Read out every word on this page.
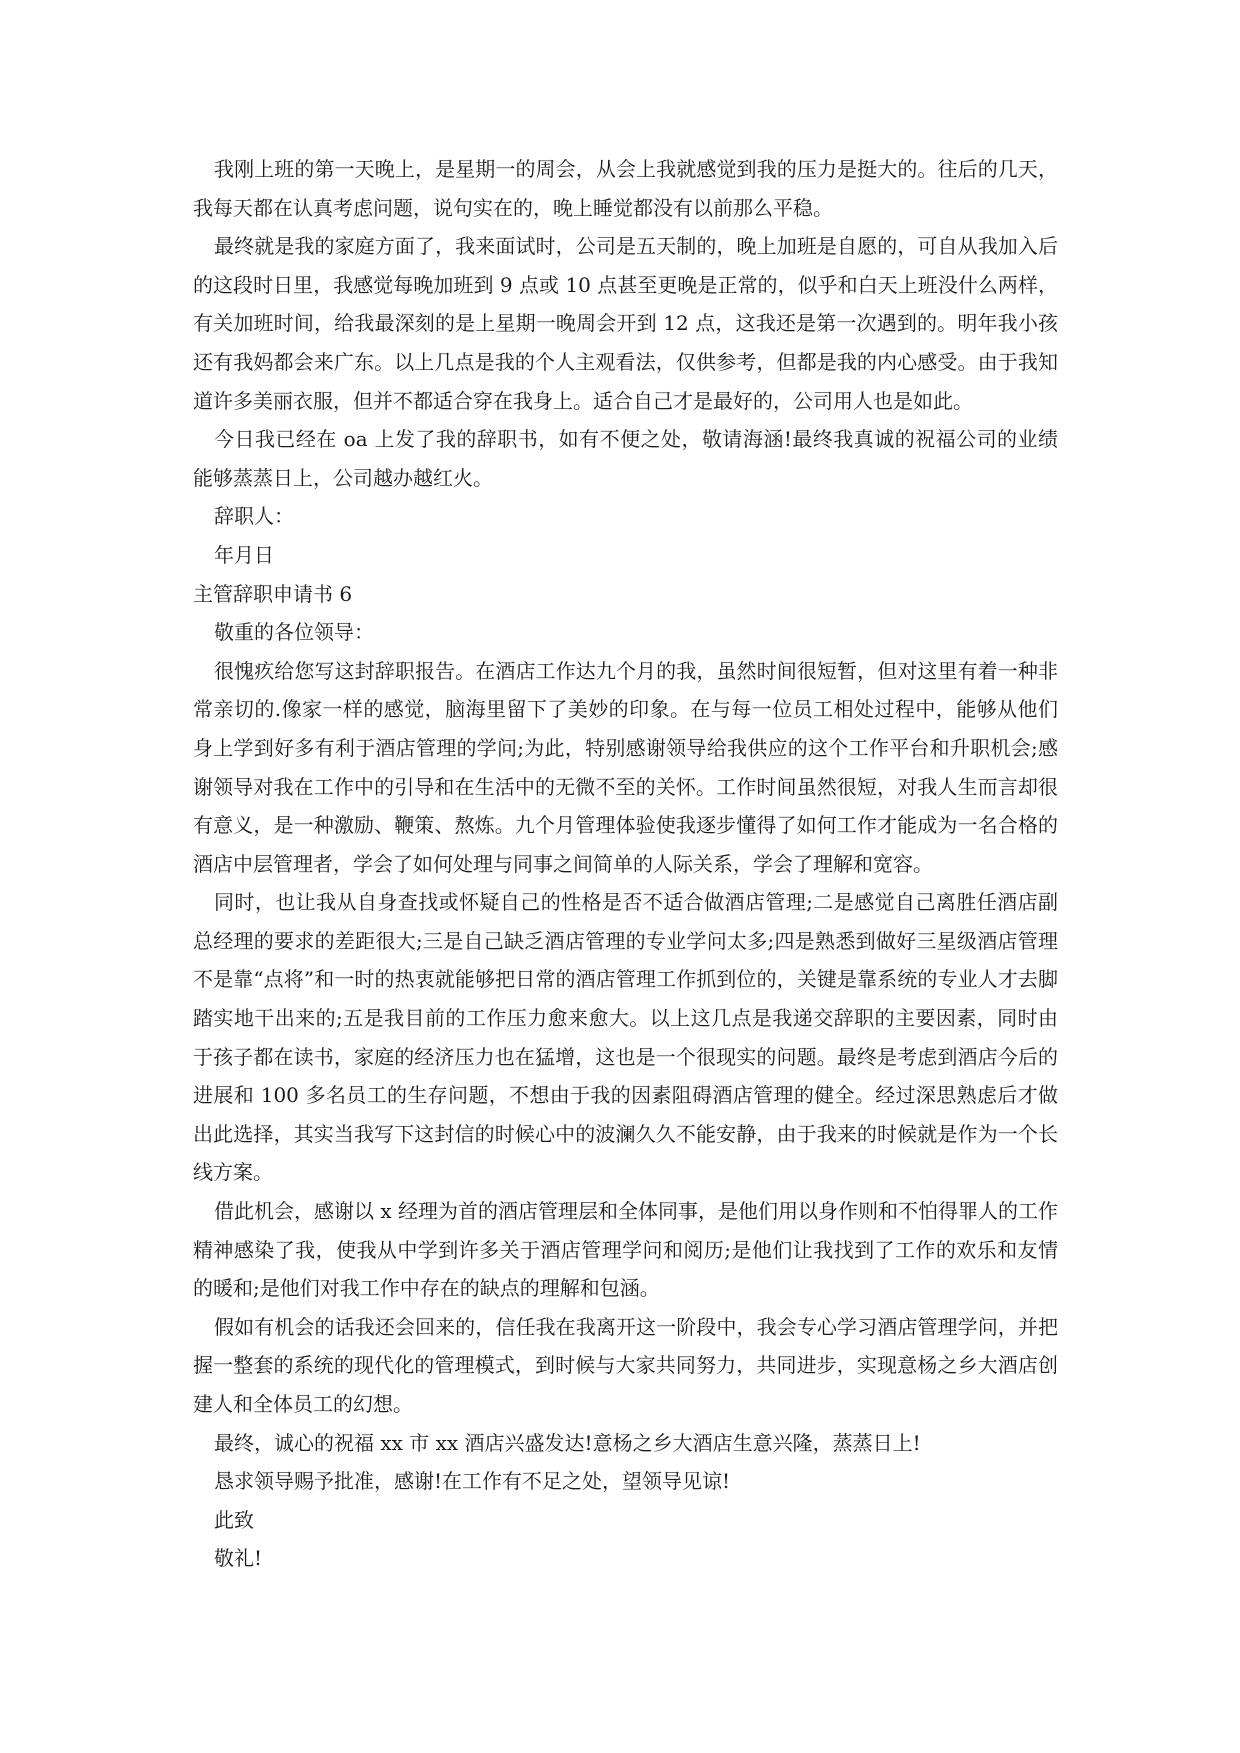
我刚上班的第一天晚上，是星期一的周会，从会上我就感觉到我的压力是挺大的。往后的几天，我每天都在认真考虑问题，说句实在的，晚上睡觉都没有以前那么平稳。

最终就是我的家庭方面了，我来面试时，公司是五天制的，晚上加班是自愿的，可自从我加入后的这段时日里，我感觉每晚加班到 9 点或 10 点甚至更晚是正常的，似乎和白天上班没什么两样，有关加班时间，给我最深刻的是上星期一晚周会开到 12 点，这我还是第一次遇到的。明年我小孩还有我妈都会来广东。以上几点是我的个人主观看法，仅供参考，但都是我的内心感受。由于我知道许多美丽衣服，但并不都适合穿在我身上。适合自己才是最好的，公司用人也是如此。

今日我已经在 oa 上发了我的辞职书，如有不便之处，敬请海涵!最终我真诚的祝福公司的业绩能够蒸蒸日上，公司越办越红火。

辞职人：

年月日

主管辞职申请书 6

敬重的各位领导：

很愧疚给您写这封辞职报告。在酒店工作达九个月的我，虽然时间很短暂，但对这里有着一种非常亲切的.像家一样的感觉，脑海里留下了美妙的印象。在与每一位员工相处过程中，能够从他们身上学到好多有利于酒店管理的学问;为此，特别感谢领导给我供应的这个工作平台和升职机会;感谢领导对我在工作中的引导和在生活中的无微不至的关怀。工作时间虽然很短，对我人生而言却很有意义，是一种激励、鞭策、熬炼。九个月管理体验使我逐步懂得了如何工作才能成为一名合格的酒店中层管理者，学会了如何处理与同事之间简单的人际关系，学会了理解和宽容。

同时，也让我从自身查找或怀疑自己的性格是否不适合做酒店管理;二是感觉自己离胜任酒店副总经理的要求的差距很大;三是自己缺乏酒店管理的专业学问太多;四是熟悉到做好三星级酒店管理不是靠“点将”和一时的热衷就能够把日常的酒店管理工作抓到位的，关键是靠系统的专业人才去脚踏实地干出来的;五是我目前的工作压力愈来愈大。以上这几点是我递交辞职的主要因素，同时由于孩子都在读书，家庭的经济压力也在猛增，这也是一个很现实的问题。最终是考虑到酒店今后的进展和 100 多名员工的生存问题，不想由于我的因素阻碍酒店管理的健全。经过深思熟虑后才做出此选择，其实当我写下这封信的时候心中的波澜久久不能安静，由于我来的时候就是作为一个长线方案。

借此机会，感谢以 x 经理为首的酒店管理层和全体同事，是他们用以身作则和不怕得罪人的工作精神感染了我，使我从中学到许多关于酒店管理学问和阅历;是他们让我找到了工作的欢乐和友情的暖和;是他们对我工作中存在的缺点的理解和包涵。

假如有机会的话我还会回来的，信任我在我离开这一阶段中，我会专心学习酒店管理学问，并把握一整套的系统的现代化的管理模式，到时候与大家共同努力，共同进步，实现意杨之乡大酒店创建人和全体员工的幻想。

最终，诚心的祝福 xx 市 xx 酒店兴盛发达!意杨之乡大酒店生意兴隆，蒸蒸日上!

恳求领导赐予批准，感谢!在工作有不足之处，望领导见谅!

此致

敬礼!
